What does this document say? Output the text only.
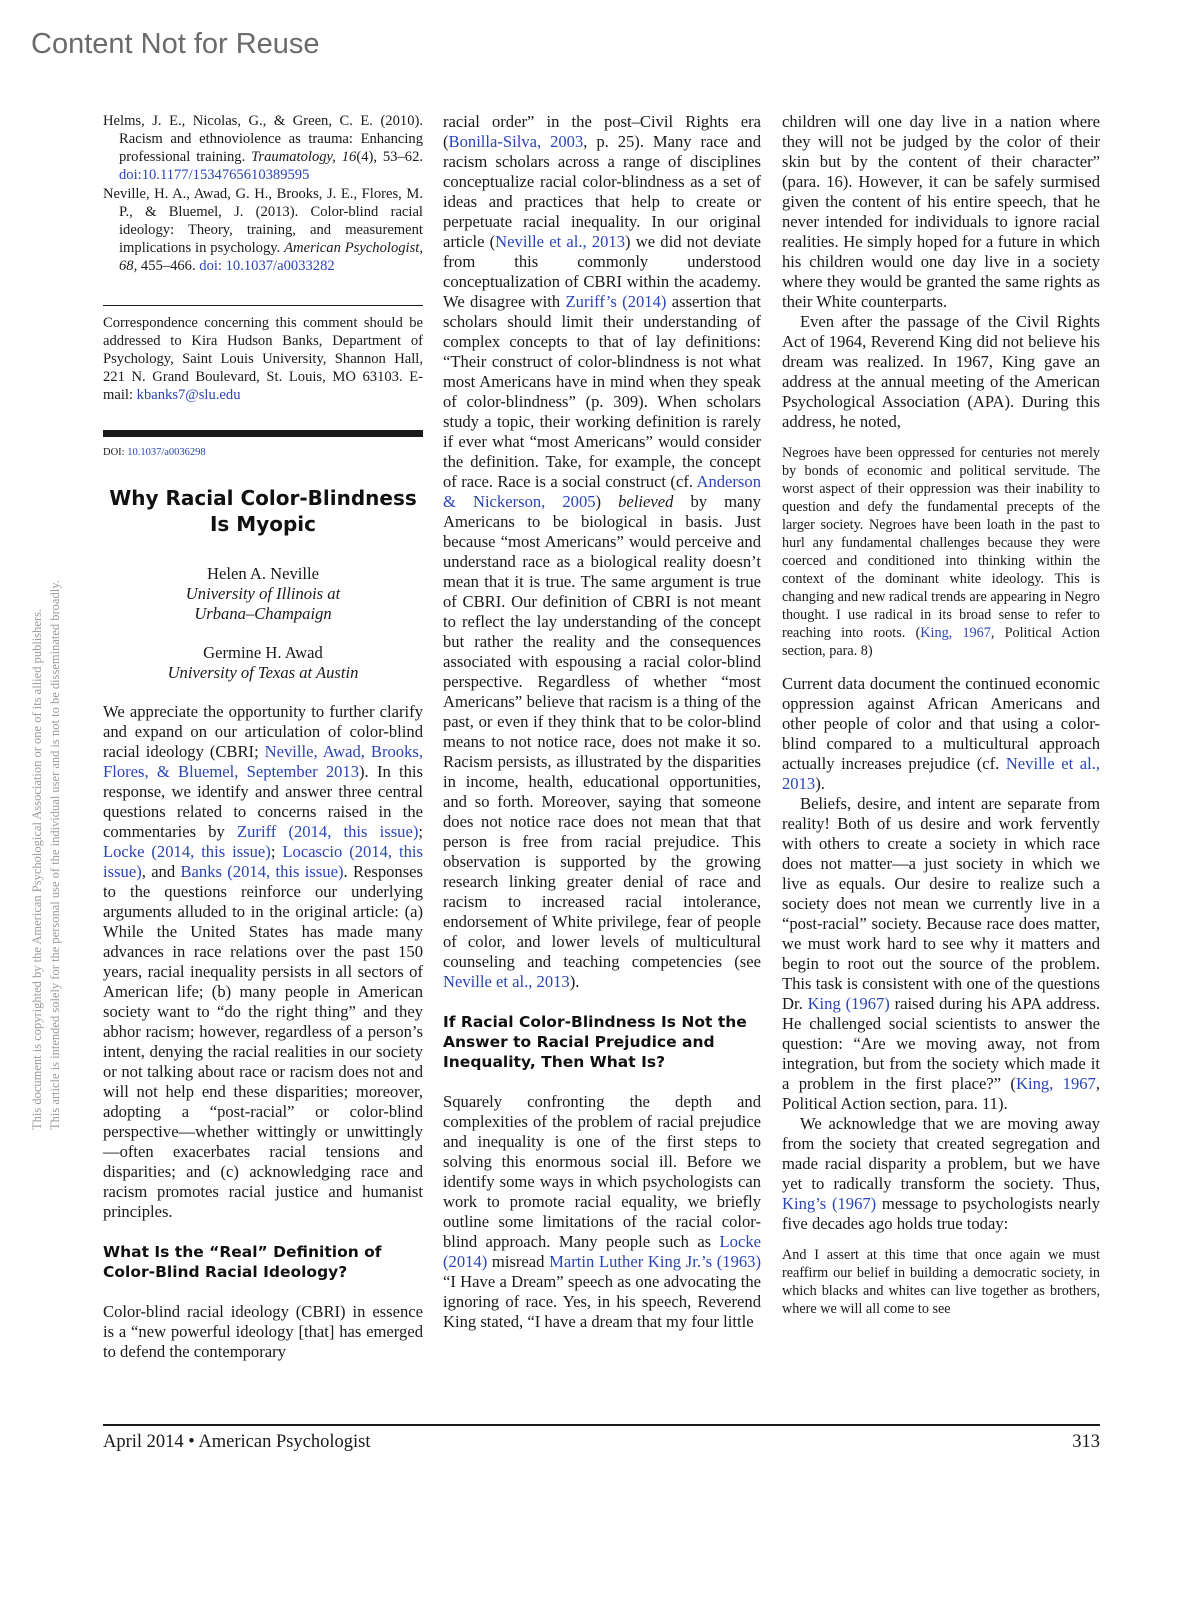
Content Not for Reuse
This document is copyrighted by the American Psychological Association or one of its allied publishers. This article is intended solely for the personal use of the individual user and is not to be disseminated broadly.

Helms, J. E., Nicolas, G., & Green, C. E. (2010). Racism and ethnoviolence as trauma: Enhancing professional training. Traumatology, 16(4), 53–62. doi:10.1177/1534765610389595

Neville, H. A., Awad, G. H., Brooks, J. E., Flores, M. P., & Bluemel, J. (2013). Color-blind racial ideology: Theory, training, and measurement implications in psychology. American Psychologist, 68, 455–466. doi: 10.1037/a0033282

Correspondence concerning this comment should be addressed to Kira Hudson Banks, Department of Psychology, Saint Louis University, Shannon Hall, 221 N. Grand Boulevard, St. Louis, MO 63103. E-mail: kbanks7@slu.edu

DOI: 10.1037/a0036298

Why Racial Color-Blindness Is Myopic

Helen A. Neville

University of Illinois at

Urbana–Champaign

Germine H. Awad

University of Texas at Austin

We appreciate the opportunity to further clarify and expand on our articulation of color-blind racial ideology (CBRI; Neville, Awad, Brooks, Flores, & Bluemel, September 2013). In this response, we identify and answer three central questions related to concerns raised in the commentaries by Zuriff (2014, this issue); Locke (2014, this issue); Locascio (2014, this issue), and Banks (2014, this issue). Responses to the questions reinforce our underlying arguments alluded to in the original article: (a) While the United States has made many advances in race relations over the past 150 years, racial inequality persists in all sectors of American life; (b) many people in American society want to “do the right thing” and they abhor racism; however, regardless of a person’s intent, denying the racial realities in our society or not talking about race or racism does not and will not help end these disparities; moreover, adopting a “post-racial” or color-blind perspective—whether wittingly or unwittingly—often exacerbates racial tensions and disparities; and (c) acknowledging race and racism promotes racial justice and humanist principles.

What Is the “Real” Definition of Color-Blind Racial Ideology?

Color-blind racial ideology (CBRI) in essence is a “new powerful ideology [that] has emerged to defend the contemporary

racial order” in the post–Civil Rights era (Bonilla-Silva, 2003, p. 25). Many race and racism scholars across a range of disciplines conceptualize racial color-blindness as a set of ideas and practices that help to create or perpetuate racial inequality. In our original article (Neville et al., 2013) we did not deviate from this commonly understood conceptualization of CBRI within the academy. We disagree with Zuriff’s (2014) assertion that scholars should limit their understanding of complex concepts to that of lay definitions: “Their construct of color-blindness is not what most Americans have in mind when they speak of color-blindness” (p. 309). When scholars study a topic, their working definition is rarely if ever what “most Americans” would consider the definition. Take, for example, the concept of race. Race is a social construct (cf. Anderson & Nickerson, 2005) believed by many Americans to be biological in basis. Just because “most Americans” would perceive and understand race as a biological reality doesn’t mean that it is true. The same argument is true of CBRI. Our definition of CBRI is not meant to reflect the lay understanding of the concept but rather the reality and the consequences associated with espousing a racial color-blind perspective. Regardless of whether “most Americans” believe that racism is a thing of the past, or even if they think that to be color-blind means to not notice race, does not make it so. Racism persists, as illustrated by the disparities in income, health, educational opportunities, and so forth. Moreover, saying that someone does not notice race does not mean that that person is free from racial prejudice. This observation is supported by the growing research linking greater denial of race and racism to increased racial intolerance, endorsement of White privilege, fear of people of color, and lower levels of multicultural counseling and teaching competencies (see Neville et al., 2013).

If Racial Color-Blindness Is Not the Answer to Racial Prejudice and Inequality, Then What Is?

Squarely confronting the depth and complexities of the problem of racial prejudice and inequality is one of the first steps to solving this enormous social ill. Before we identify some ways in which psychologists can work to promote racial equality, we briefly outline some limitations of the racial color-blind approach. Many people such as Locke (2014) misread Martin Luther King Jr.’s (1963) “I Have a Dream” speech as one advocating the ignoring of race. Yes, in his speech, Reverend King stated, “I have a dream that my four little

children will one day live in a nation where they will not be judged by the color of their skin but by the content of their character” (para. 16). However, it can be safely surmised given the content of his entire speech, that he never intended for individuals to ignore racial realities. He simply hoped for a future in which his children would one day live in a society where they would be granted the same rights as their White counterparts.

Even after the passage of the Civil Rights Act of 1964, Reverend King did not believe his dream was realized. In 1967, King gave an address at the annual meeting of the American Psychological Association (APA). During this address, he noted,

Negroes have been oppressed for centuries not merely by bonds of economic and political servitude. The worst aspect of their oppression was their inability to question and defy the fundamental precepts of the larger society. Negroes have been loath in the past to hurl any fundamental challenges because they were coerced and conditioned into thinking within the context of the dominant white ideology. This is changing and new radical trends are appearing in Negro thought. I use radical in its broad sense to refer to reaching into roots. (King, 1967, Political Action section, para. 8)

Current data document the continued economic oppression against African Americans and other people of color and that using a color-blind compared to a multicultural approach actually increases prejudice (cf. Neville et al., 2013).

Beliefs, desire, and intent are separate from reality! Both of us desire and work fervently with others to create a society in which race does not matter—a just society in which we live as equals. Our desire to realize such a society does not mean we currently live in a “post-racial” society. Because race does matter, we must work hard to see why it matters and begin to root out the source of the problem. This task is consistent with one of the questions Dr. King (1967) raised during his APA address. He challenged social scientists to answer the question: “Are we moving away, not from integration, but from the society which made it a problem in the first place?” (King, 1967, Political Action section, para. 11).

We acknowledge that we are moving away from the society that created segregation and made racial disparity a problem, but we have yet to radically transform the society. Thus, King’s (1967) message to psychologists nearly five decades ago holds true today:

And I assert at this time that once again we must reaffirm our belief in building a democratic society, in which blacks and whites can live together as brothers, where we will all come to see

April 2014 • American Psychologist	313
